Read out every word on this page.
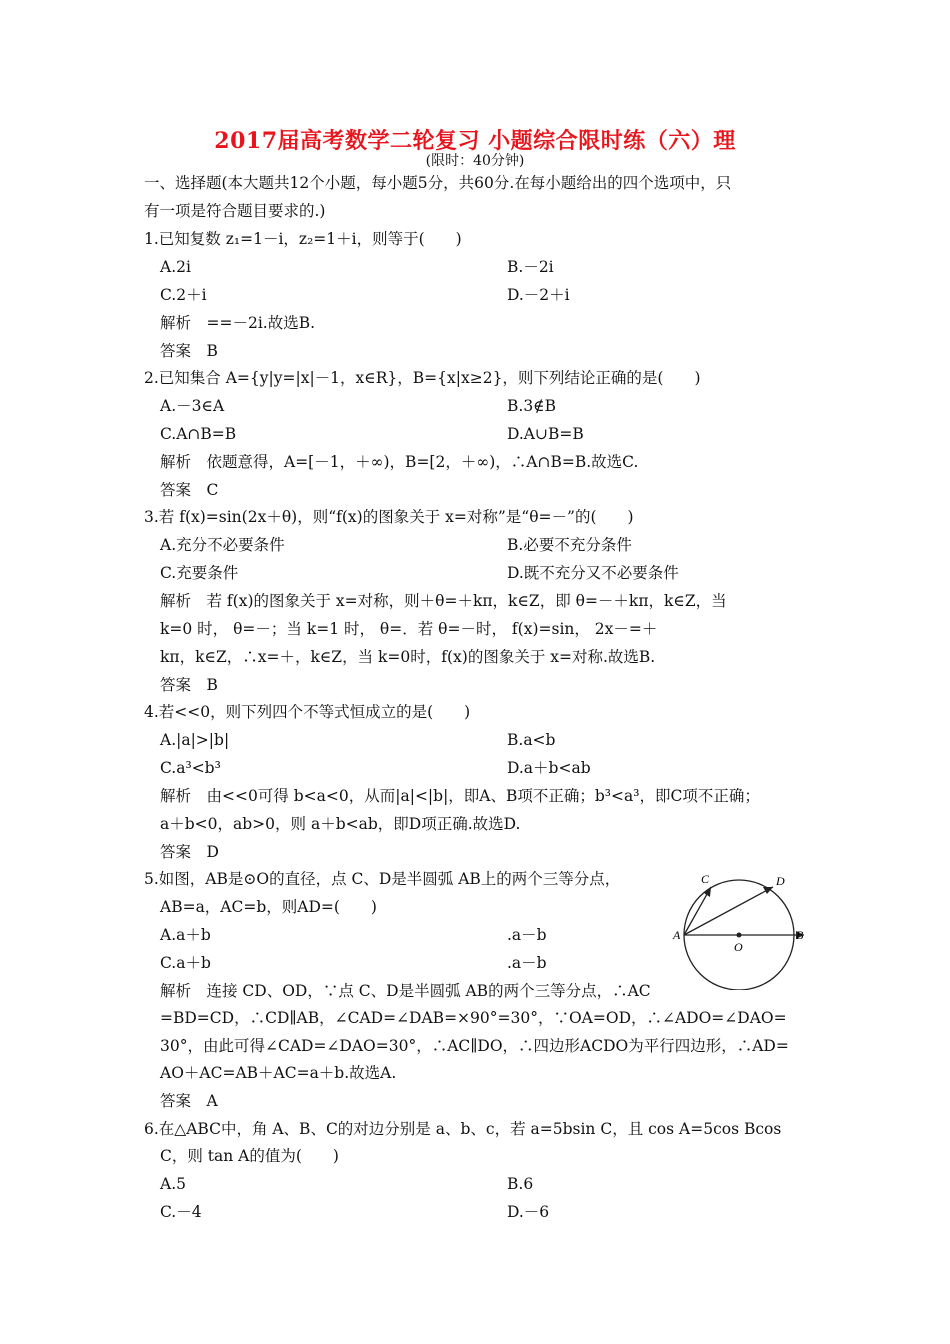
2017届高考数学二轮复习 小题综合限时练（六）理
(限时：40分钟)
一、选择题(本大题共12个小题，每小题5分，共60分.在每小题给出的四个选项中，只
有一项是符合题目要求的.)
1.已知复数 z₁=1－i，z₂=1＋i，则等于(　　)
A.2i	B.－2i
C.2＋i	D.－2＋i
解析　==－2i.故选B.
答案　B
2.已知集合 A={y|y=|x|－1，x∈R}，B={x|x≥2}，则下列结论正确的是(　　)
A.－3∈A	B.3∉B
C.A∩B=B	D.A∪B=B
解析　依题意得，A=[－1，＋∞)，B=[2，＋∞)，∴A∩B=B.故选C.
答案　C
3.若 f(x)=sin(2x＋θ)，则“f(x)的图象关于 x=对称”是“θ=－”的(　　)
A.充分不必要条件	B.必要不充分条件
C.充要条件	D.既不充分又不必要条件
解析　若 f(x)的图象关于 x=对称，则＋θ=＋kπ，k∈Z，即 θ=－＋kπ，k∈Z，当
k=0 时， θ=－；当 k=1 时， θ=．若 θ=－时， f(x)=sin， 2x－=＋
kπ，k∈Z，∴x=＋，k∈Z，当 k=0时，f(x)的图象关于 x=对称.故选B.
答案　B
4.若<<0，则下列四个不等式恒成立的是(　　)
A.|a|>|b|	B.a<b
C.a³<b³	D.a＋b<ab
解析　由<<0可得 b<a<0，从而|a|<|b|，即A、B项不正确；b³<a³，即C项不正确；
a＋b<0，ab>0，则 a＋b<ab，即D项正确.故选D.
答案　D
5.如图，AB是⊙O的直径，点 C、D是半圆弧 AB上的两个三等分点，
AB=a，AC=b，则AD=(　　)
A.a＋b	.a－b
C.a＋b	.a－b
解析　连接 CD、OD，∵点 C、D是半圆弧 AB的两个三等分点，∴AC
=BD=CD，∴CD∥AB，∠CAD=∠DAB=×90°=30°，∵OA=OD，∴∠ADO=∠DAO=
30°，由此可得∠CAD=∠DAO=30°，∴AC∥DO，∴四边形ACDO为平行四边形，∴AD=
AO＋AC=AB＋AC=a＋b.故选A.
答案　A
C	D
A
O
B
6.在△ABC中，角 A、B、C的对边分别是 a、b、c，若 a=5bsin C，且 cos A=5cos Bcos
C，则 tan A的值为(　　)
A.5	B.6
C.－4	D.－6
